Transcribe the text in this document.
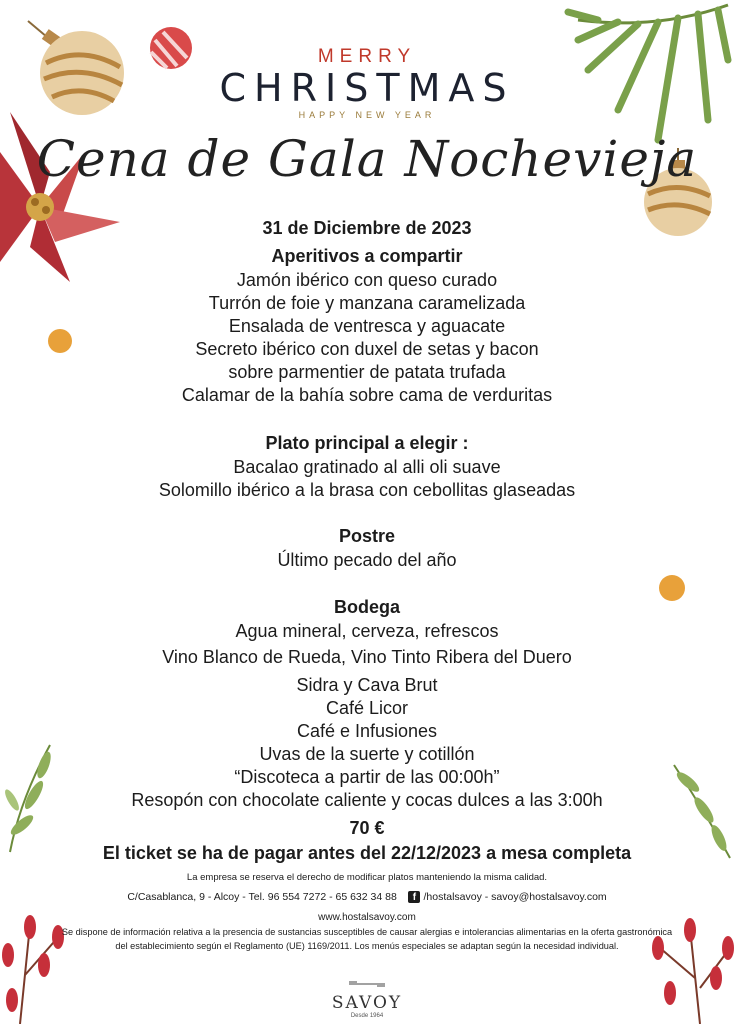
MERRY
CHRISTMAS
HAPPY NEW YEAR
Cena de Gala Nochevieja
31 de Diciembre de 2023
Aperitivos a compartir
Jamón ibérico con queso curado
Turrón de foie y manzana caramelizada
Ensalada de ventresca y aguacate
Secreto ibérico con duxel de setas y bacon
sobre parmentier de patata trufada
Calamar de la bahía sobre cama de verduritas
Plato principal a elegir :
Bacalao gratinado al alli oli suave
Solomillo ibérico a la brasa con cebollitas glaseadas
Postre
Último pecado del año
Bodega
Agua mineral, cerveza, refrescos
Vino Blanco de Rueda, Vino Tinto Ribera del Duero
Sidra y Cava Brut
Café Licor
Café e Infusiones
Uvas de la suerte y cotillón
“Discoteca a partir de las 00:00h”
Resopón con chocolate caliente y cocas dulces a las 3:00h
70 €
El ticket se ha de pagar antes del 22/12/2023 a mesa completa
La empresa se reserva el derecho de modificar platos manteniendo la misma calidad.
C/Casablanca, 9 - Alcoy - Tel. 96 554 7272 - 65 632 34 88 f /hostalsavoy - savoy@hostalsavoy.com
www.hostalsavoy.com
Se dispone de información relativa a la presencia de sustancias susceptibles de causar alergias e intolerancias alimentarias en la oferta gastronómica del establecimiento según el Reglamento (UE) 1169/2011. Los menús especiales se adaptan según la necesidad individual.
SAVOY
Desde 1964
